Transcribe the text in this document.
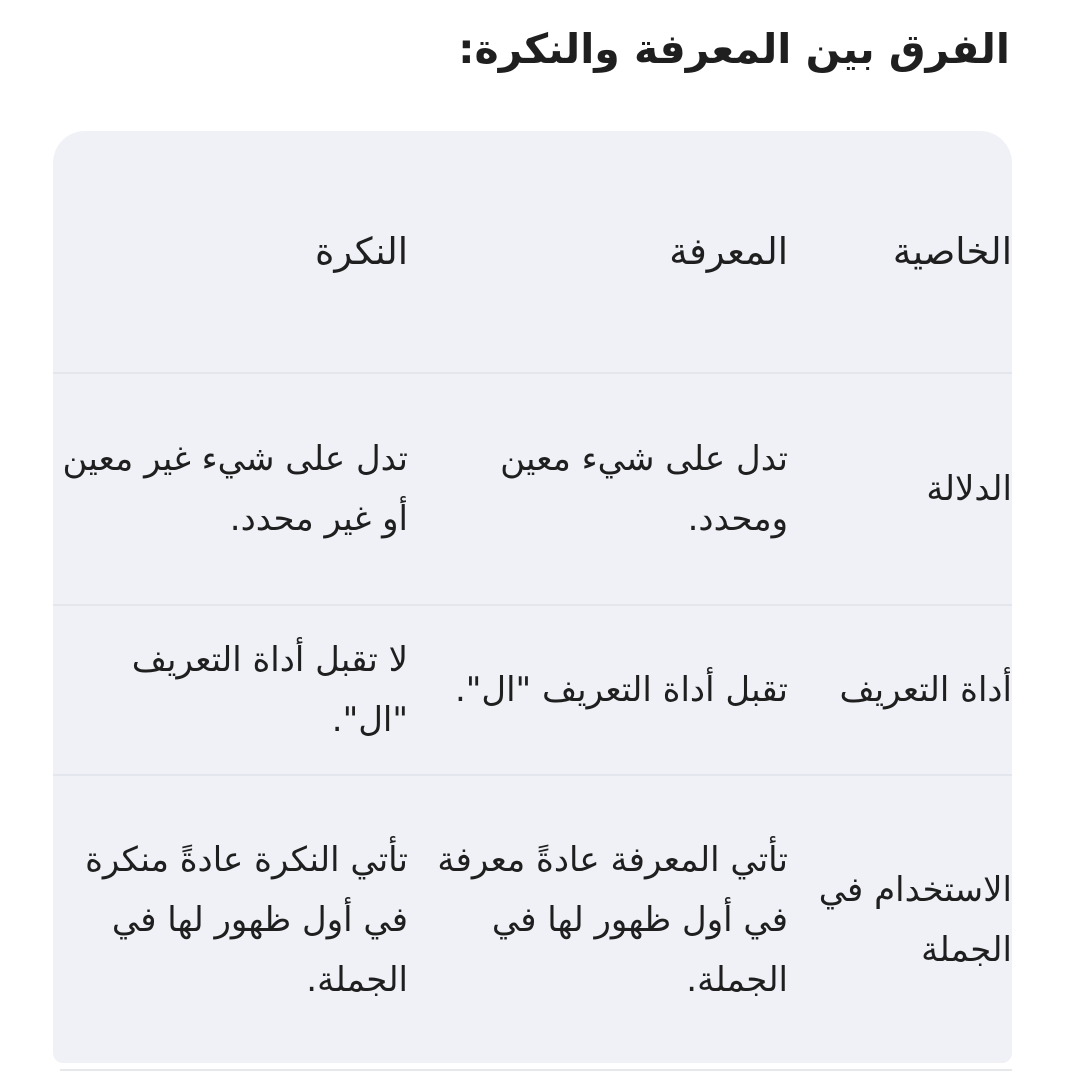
الفرق بين المعرفة والنكرة:
الخاصية	المعرفة	النكرة
الدلالة	تدل على شيء معين ومحدد.	تدل على شيء غير معين أو غير محدد.
أداة التعريف	تقبل أداة التعريف "ال".	لا تقبل أداة التعريف "ال".
الاستخدام في الجملة	تأتي المعرفة عادةً معرفة في أول ظهور لها في الجملة.	تأتي النكرة عادةً منكرة في أول ظهور لها في الجملة.
